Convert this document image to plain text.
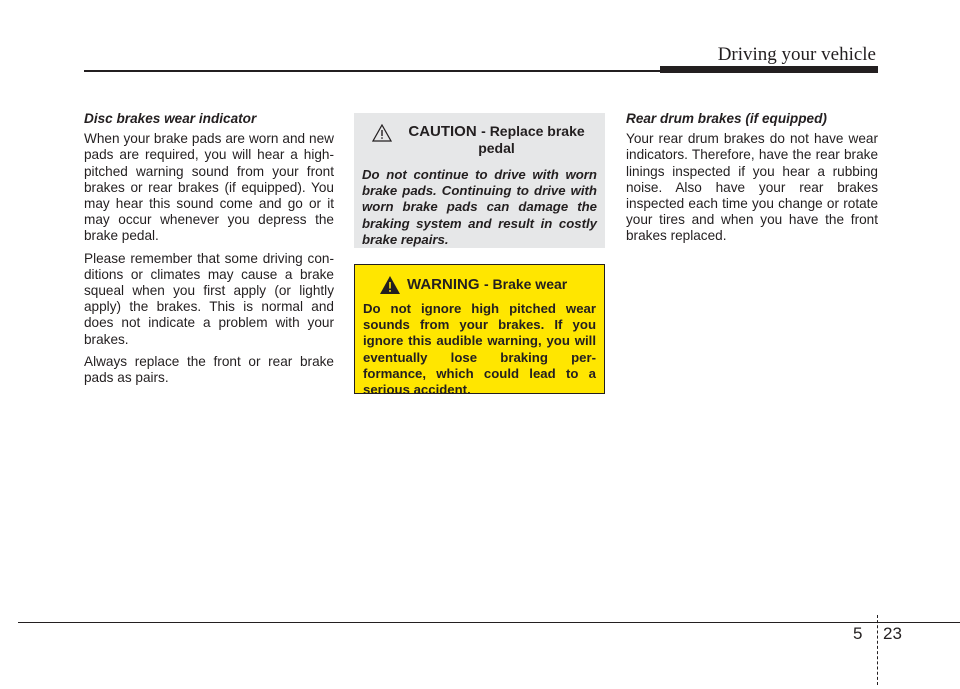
Driving your vehicle
Disc brakes wear indicator

When your brake pads are worn and new pads are required, you will hear a high-pitched warning sound from your front brakes or rear brakes (if equipped). You may hear this sound come and go or it may occur whenever you depress the brake pedal.

Please remember that some driving con-ditions or climates may cause a brake squeal when you first apply (or lightly apply) the brakes. This is normal and does not indicate a problem with your brakes.

Always replace the front or rear brake pads as pairs.

CAUTION - Replace brake pedal
Do not continue to drive with worn brake pads. Continuing to drive with worn brake pads can damage the braking system and result in costly brake repairs.
WARNING - Brake wear
Do not ignore high pitched wear sounds from your brakes. If you ignore this audible warning, you will eventually lose braking per-formance, which could lead to a serious accident.
Rear drum brakes (if equipped)

Your rear drum brakes do not have wear indicators. Therefore, have the rear brake linings inspected if you hear a rubbing noise. Also have your rear brakes inspected each time you change or rotate your tires and when you have the front brakes replaced.

5 23
